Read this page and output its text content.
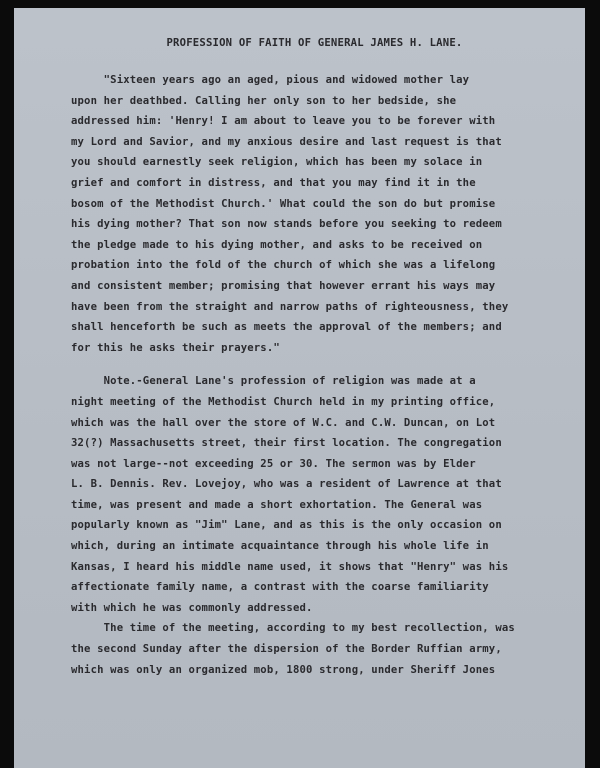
PROFESSION OF FAITH OF GENERAL JAMES H. LANE.

"Sixteen years ago an aged, pious and widowed mother lay

upon her deathbed. Calling her only son to her bedside, she

addressed him: 'Henry! I am about to leave you to be forever with

my Lord and Savior, and my anxious desire and last request is that

you should earnestly seek religion, which has been my solace in

grief and comfort in distress, and that you may find it in the

bosom of the Methodist Church.' What could the son do but promise

his dying mother? That son now stands before you seeking to redeem

the pledge made to his dying mother, and asks to be received on

probation into the fold of the church of which she was a lifelong

and consistent member; promising that however errant his ways may

have been from the straight and narrow paths of righteousness, they

shall henceforth be such as meets the approval of the members; and

for this he asks their prayers."

Note.-General Lane's profession of religion was made at a

night meeting of the Methodist Church held in my printing office,

which was the hall over the store of W.C. and C.W. Duncan, on Lot

32(?) Massachusetts street, their first location. The congregation

was not large--not exceeding 25 or 30. The sermon was by Elder

L. B. Dennis. Rev. Lovejoy, who was a resident of Lawrence at that

time, was present and made a short exhortation. The General was

popularly known as "Jim" Lane, and as this is the only occasion on

which, during an intimate acquaintance through his whole life in

Kansas, I heard his middle name used, it shows that "Henry" was his

affectionate family name, a contrast with the coarse familiarity

with which he was commonly addressed.

The time of the meeting, according to my best recollection, was

the second Sunday after the dispersion of the Border Ruffian army,

which was only an organized mob, 1800 strong, under Sheriff Jones
